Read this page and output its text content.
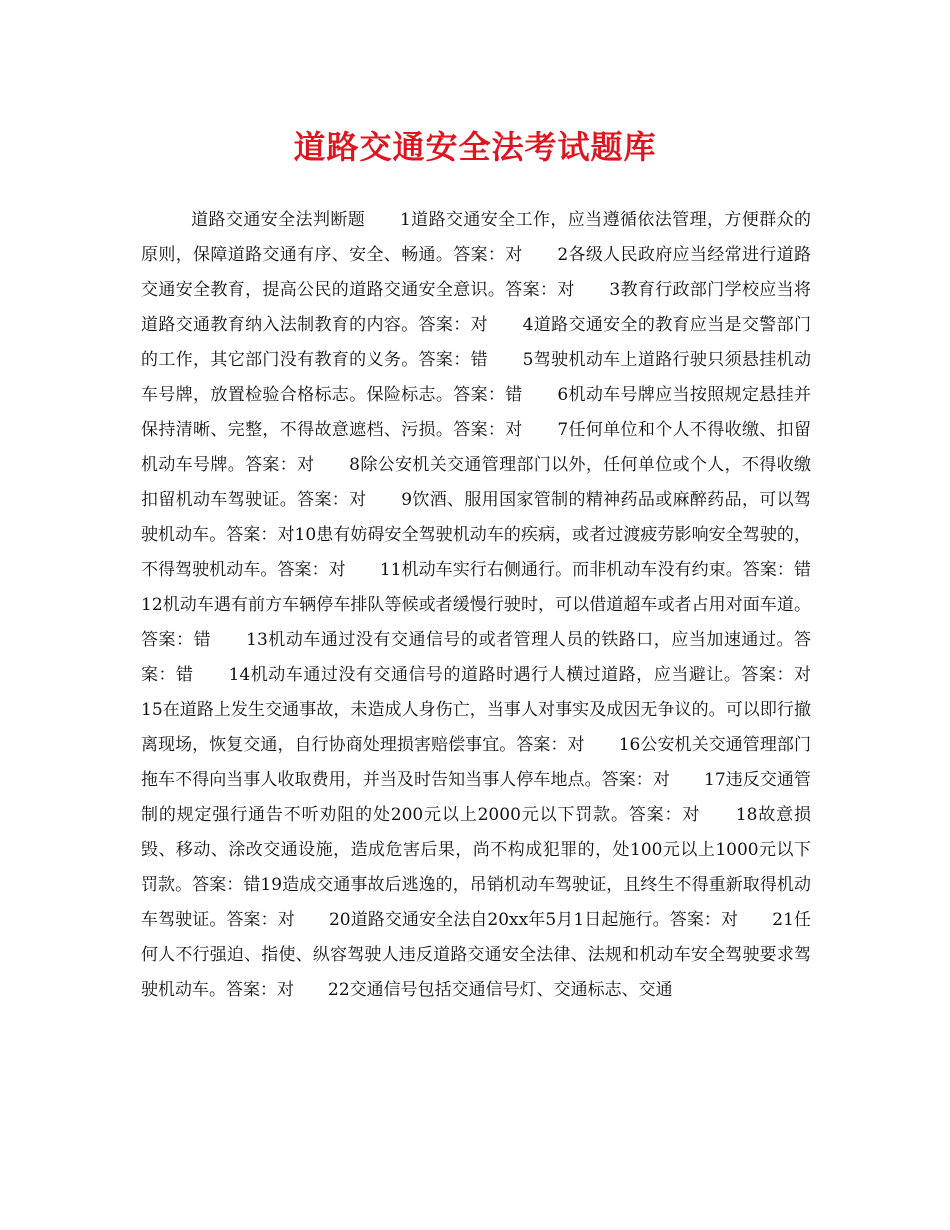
道路交通安全法考试题库

道路交通安全法判断题　　1道路交通安全工作，应当遵循依法管理，方便群众的原则，保障道路交通有序、安全、畅通。答案：对　　2各级人民政府应当经常进行道路交通安全教育，提高公民的道路交通安全意识。答案：对　　3教育行政部门学校应当将道路交通教育纳入法制教育的内容。答案：对　　4道路交通安全的教育应当是交警部门的工作，其它部门没有教育的义务。答案：错　　5驾驶机动车上道路行驶只须悬挂机动车号牌，放置检验合格标志。保险标志。答案：错　　6机动车号牌应当按照规定悬挂并保持清晰、完整，不得故意遮档、污损。答案：对　　7任何单位和个人不得收缴、扣留机动车号牌。答案：对　　8除公安机关交通管理部门以外，任何单位或个人，不得收缴扣留机动车驾驶证。答案：对　　9饮酒、服用国家管制的精神药品或麻醉药品，可以驾驶机动车。答案：对10患有妨碍安全驾驶机动车的疾病，或者过渡疲劳影响安全驾驶的，不得驾驶机动车。答案：对　　11机动车实行右侧通行。而非机动车没有约束。答案：错12机动车遇有前方车辆停车排队等候或者缓慢行驶时，可以借道超车或者占用对面车道。答案：错　　13机动车通过没有交通信号的或者管理人员的铁路口，应当加速通过。答案：错　　14机动车通过没有交通信号的道路时遇行人横过道路，应当避让。答案：对　　15在道路上发生交通事故，未造成人身伤亡，当事人对事实及成因无争议的。可以即行撤离现场，恢复交通，自行协商处理损害赔偿事宜。答案：对　　16公安机关交通管理部门拖车不得向当事人收取费用，并当及时告知当事人停车地点。答案：对　　17违反交通管制的规定强行通告不听劝阻的处200元以上2000元以下罚款。答案：对　　18故意损毁、移动、涂改交通设施，造成危害后果，尚不构成犯罪的，处100元以上1000元以下罚款。答案：错19造成交通事故后逃逸的，吊销机动车驾驶证，且终生不得重新取得机动车驾驶证。答案：对　　20道路交通安全法自20xx年5月1日起施行。答案：对　　21任何人不行强迫、指使、纵容驾驶人违反道路交通安全法律、法规和机动车安全驾驶要求驾驶机动车。答案：对　　22交通信号包括交通信号灯、交通标志、交通
